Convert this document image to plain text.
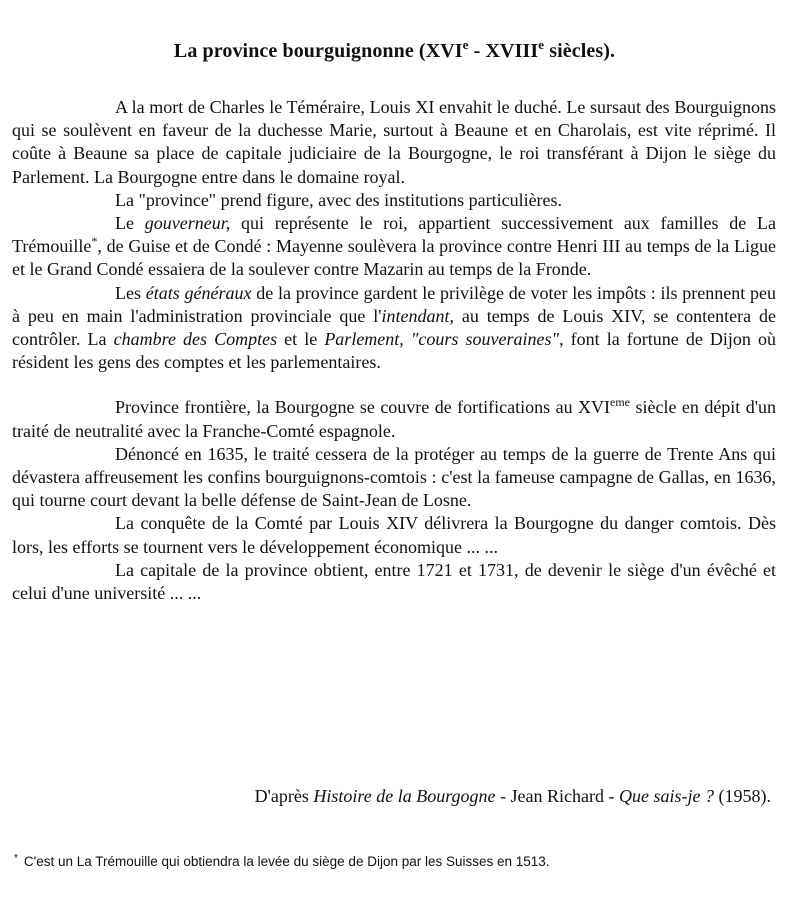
La province bourguignonne (XVIe - XVIIIe siècles).

A la mort de Charles le Téméraire, Louis XI envahit le duché. Le sursaut des Bourguignons qui se soulèvent en faveur de la duchesse Marie, surtout à Beaune et en Charolais, est vite réprimé. Il coûte à Beaune sa place de capitale judiciaire de la Bourgogne, le roi transférant à Dijon le siège du Parlement. La Bourgogne entre dans le domaine royal.

La "province" prend figure, avec des institutions particulières.

Le gouverneur, qui représente le roi, appartient successivement aux familles de La Trémouille*, de Guise et de Condé : Mayenne soulèvera la province contre Henri III au temps de la Ligue et le Grand Condé essaiera de la soulever contre Mazarin au temps de la Fronde.

Les états généraux de la province gardent le privilège de voter les impôts : ils prennent peu à peu en main l'administration provinciale que l'intendant, au temps de Louis XIV, se contentera de contrôler. La chambre des Comptes et le Parlement, "cours souveraines", font la fortune de Dijon où résident les gens des comptes et les parlementaires.

Province frontière, la Bourgogne se couvre de fortifications au XVIeme siècle en dépit d'un traité de neutralité avec la Franche-Comté espagnole.

Dénoncé en 1635, le traité cessera de la protéger au temps de la guerre de Trente Ans qui dévastera affreusement les confins bourguignons-comtois : c'est la fameuse campagne de Gallas, en 1636, qui tourne court devant la belle défense de Saint-Jean de Losne.

La conquête de la Comté par Louis XIV délivrera la Bourgogne du danger comtois. Dès lors, les efforts se tournent vers le développement économique ... ...

La capitale de la province obtient, entre 1721 et 1731, de devenir le siège d'un évêché et celui d'une université ... ...

D'après Histoire de la Bourgogne - Jean Richard - Que sais-je ? (1958).
* C'est un La Trémouille qui obtiendra la levée du siège de Dijon par les Suisses en 1513.
